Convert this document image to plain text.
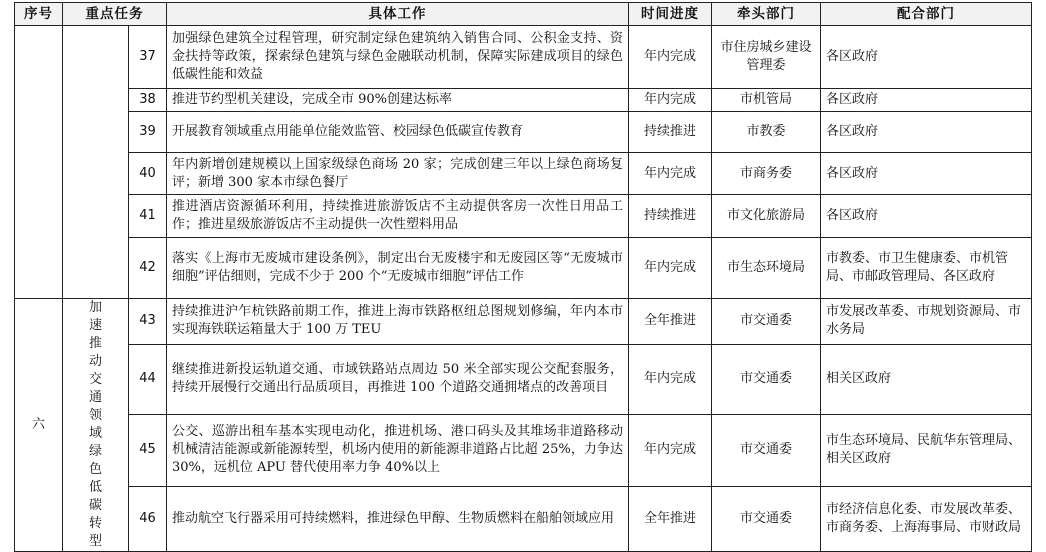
序号	重点任务		具体工作	时间进度	牵头部门	配合部门
		37	加强绿色建筑全过程管理，研究制定绿色建筑纳入销售合同、公积金支持、资金扶持等政策，探索绿色建筑与绿色金融联动机制，保障实际建成项目的绿色低碳性能和效益	年内完成	市住房城乡建设管理委	各区政府
		38	推进节约型机关建设，完成全市 90%创建达标率	年内完成	市机管局	各区政府
		39	开展教育领域重点用能单位能效监管、校园绿色低碳宣传教育	持续推进	市教委	各区政府
		40	年内新增创建规模以上国家级绿色商场 20 家；完成创建三年以上绿色商场复评；新增 300 家本市绿色餐厅	年内完成	市商务委	各区政府
		41	推进酒店资源循环利用，持续推进旅游饭店不主动提供客房一次性日用品工作；推进星级旅游饭店不主动提供一次性塑料用品	持续推进	市文化旅游局	各区政府
		42	落实《上海市无废城市建设条例》，制定出台无废楼宇和无废园区等“无废城市细胞”评估细则，完成不少于 200 个“无废城市细胞”评估工作	年内完成	市生态环境局	市教委、市卫生健康委、市机管局、市邮政管理局、各区政府
六	加速推动交通领域绿色低碳转型	43	持续推进沪乍杭铁路前期工作，推进上海市铁路枢纽总图规划修编，年内本市实现海铁联运箱量大于 100 万 TEU	全年推进	市交通委	市发展改革委、市规划资源局、市水务局
		44	继续推进新投运轨道交通、市域铁路站点周边 50 米全部实现公交配套服务，持续开展慢行交通出行品质项目，再推进 100 个道路交通拥堵点的改善项目	年内完成	市交通委	相关区政府
		45	公交、巡游出租车基本实现电动化，推进机场、港口码头及其堆场非道路移动机械清洁能源或新能源转型，机场内使用的新能源非道路占比超 25%，力争达 30%，远机位 APU 替代使用率力争 40%以上	年内完成	市交通委	市生态环境局、民航华东管理局、相关区政府
		46	推动航空飞行器采用可持续燃料，推进绿色甲醇、生物质燃料在船舶领域应用	全年推进	市交通委	市经济信息化委、市发展改革委、市商务委、上海海事局、市财政局
